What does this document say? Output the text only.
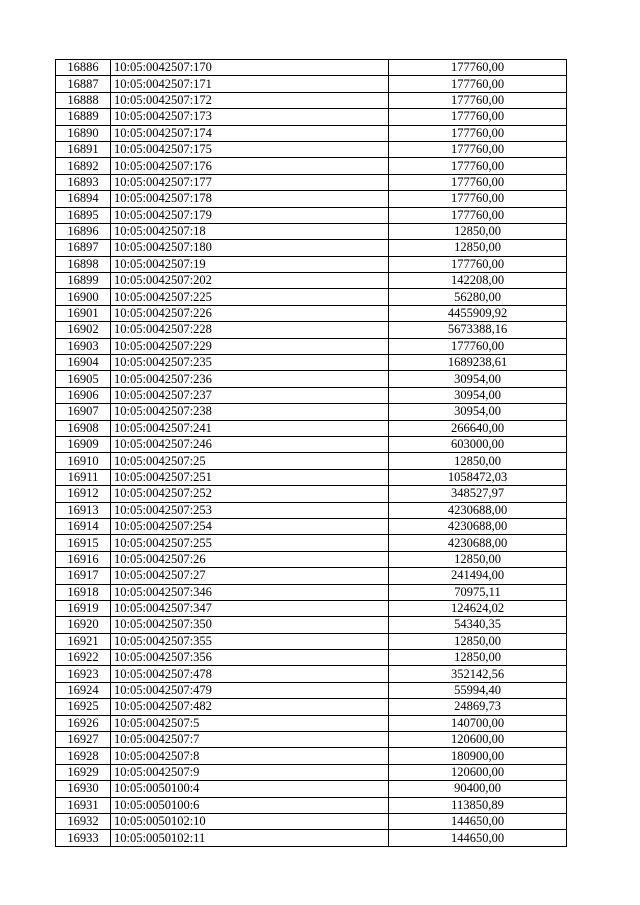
16886	10:05:0042507:170	177760,00
16887	10:05:0042507:171	177760,00
16888	10:05:0042507:172	177760,00
16889	10:05:0042507:173	177760,00
16890	10:05:0042507:174	177760,00
16891	10:05:0042507:175	177760,00
16892	10:05:0042507:176	177760,00
16893	10:05:0042507:177	177760,00
16894	10:05:0042507:178	177760,00
16895	10:05:0042507:179	177760,00
16896	10:05:0042507:18	12850,00
16897	10:05:0042507:180	12850,00
16898	10:05:0042507:19	177760,00
16899	10:05:0042507:202	142208,00
16900	10:05:0042507:225	56280,00
16901	10:05:0042507:226	4455909,92
16902	10:05:0042507:228	5673388,16
16903	10:05:0042507:229	177760,00
16904	10:05:0042507:235	1689238,61
16905	10:05:0042507:236	30954,00
16906	10:05:0042507:237	30954,00
16907	10:05:0042507:238	30954,00
16908	10:05:0042507:241	266640,00
16909	10:05:0042507:246	603000,00
16910	10:05:0042507:25	12850,00
16911	10:05:0042507:251	1058472,03
16912	10:05:0042507:252	348527,97
16913	10:05:0042507:253	4230688,00
16914	10:05:0042507:254	4230688,00
16915	10:05:0042507:255	4230688,00
16916	10:05:0042507:26	12850,00
16917	10:05:0042507:27	241494,00
16918	10:05:0042507:346	70975,11
16919	10:05:0042507:347	124624,02
16920	10:05:0042507:350	54340,35
16921	10:05:0042507:355	12850,00
16922	10:05:0042507:356	12850,00
16923	10:05:0042507:478	352142,56
16924	10:05:0042507:479	55994,40
16925	10:05:0042507:482	24869,73
16926	10:05:0042507:5	140700,00
16927	10:05:0042507:7	120600,00
16928	10:05:0042507:8	180900,00
16929	10:05:0042507:9	120600,00
16930	10:05:0050100:4	90400,00
16931	10:05:0050100:6	113850,89
16932	10:05:0050102:10	144650,00
16933	10:05:0050102:11	144650,00
